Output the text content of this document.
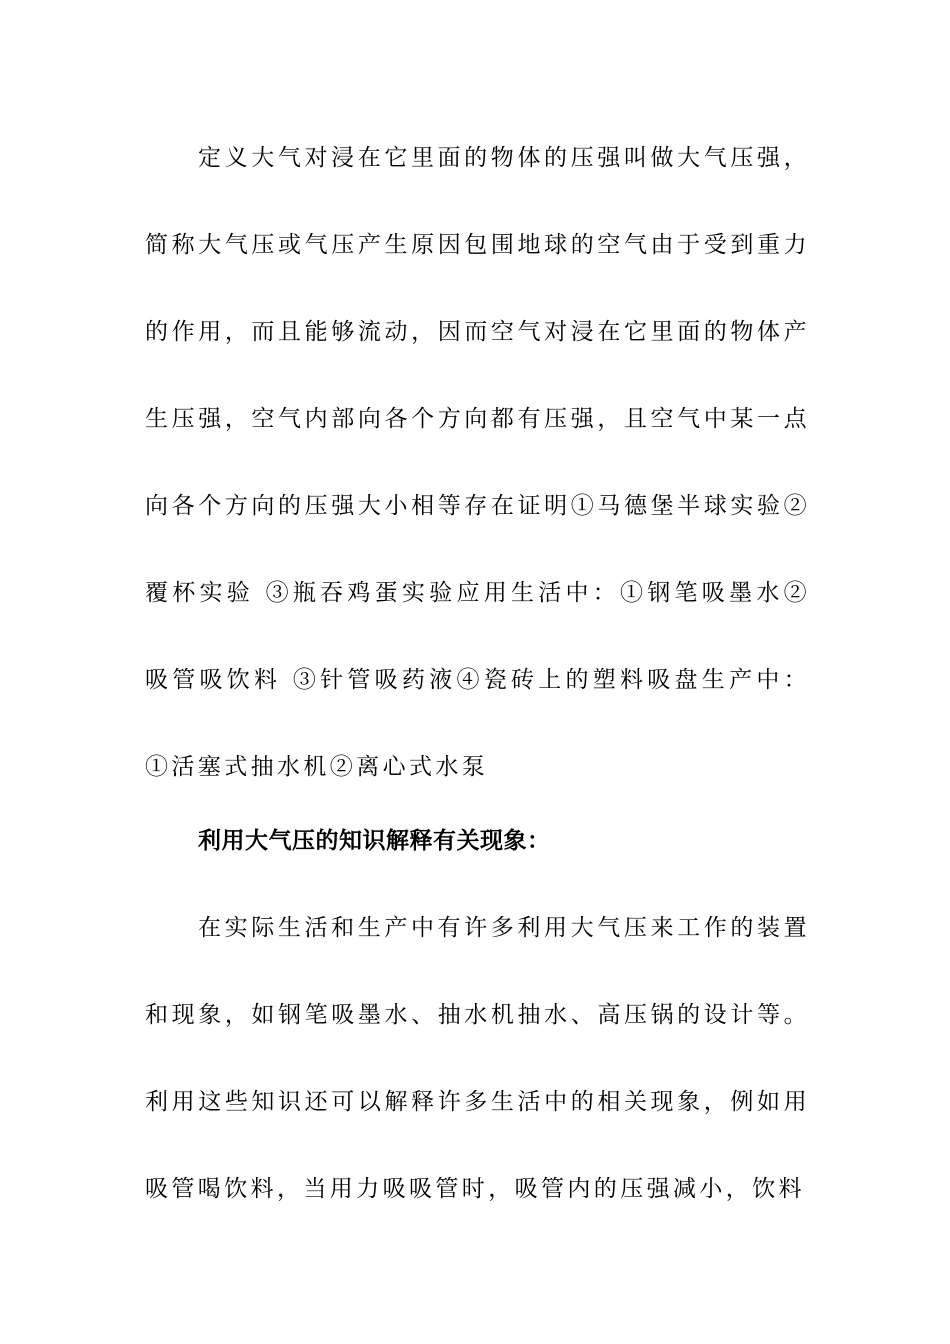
定义大气对浸在它里面的物体的压强叫做大气压强，简称大气压或气压产生原因包围地球的空气由于受到重力的作用，而且能够流动，因而空气对浸在它里面的物体产生压强，空气内部向各个方向都有压强，且空气中某一点向各个方向的压强大小相等存在证明①马德堡半球实验②覆杯实验 ③瓶吞鸡蛋实验应用生活中：①钢笔吸墨水②吸管吸饮料 ③针管吸药液④瓷砖上的塑料吸盘生产中：①活塞式抽水机②离心式水泵

利用大气压的知识解释有关现象：

在实际生活和生产中有许多利用大气压来工作的装置和现象，如钢笔吸墨水、抽水机抽水、高压锅的设计等。利用这些知识还可以解释许多生活中的相关现象，例如用吸管喝饮料，当用力吸吸管时，吸管内的压强减小，饮料
